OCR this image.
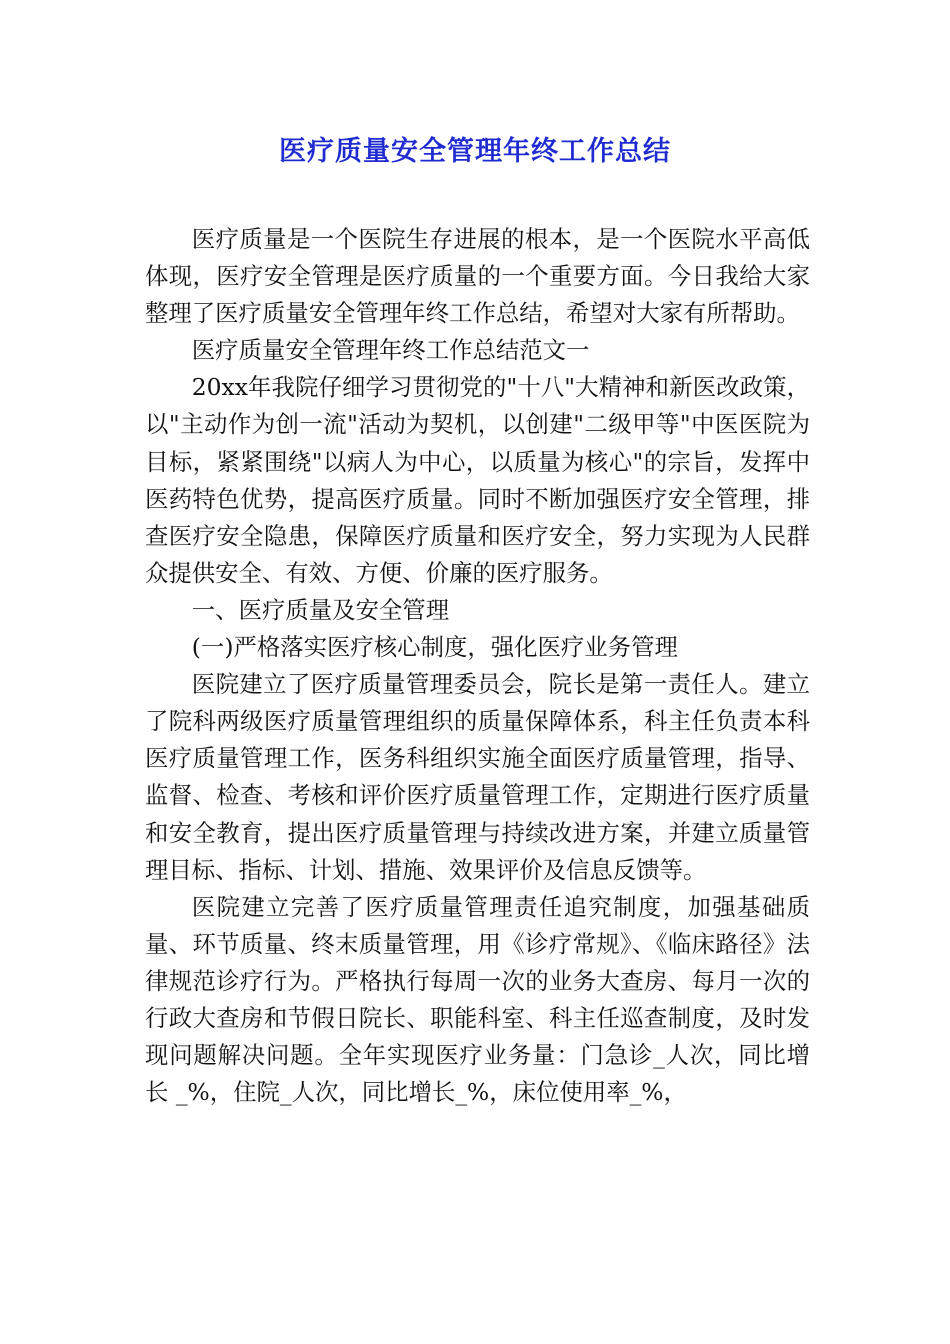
医疗质量安全管理年终工作总结

医疗质量是一个医院生存进展的根本，是一个医院水平高低体现，医疗安全管理是医疗质量的一个重要方面。今日我给大家整理了医疗质量安全管理年终工作总结，希望对大家有所帮助。

医疗质量安全管理年终工作总结范文一

20xx年我院仔细学习贯彻党的"十八"大精神和新医改政策，以"主动作为创一流"活动为契机，以创建"二级甲等"中医医院为目标，紧紧围绕"以病人为中心，以质量为核心"的宗旨，发挥中医药特色优势，提高医疗质量。同时不断加强医疗安全管理，排查医疗安全隐患，保障医疗质量和医疗安全，努力实现为人民群众提供安全、有效、方便、价廉的医疗服务。

一、医疗质量及安全管理

(一)严格落实医疗核心制度，强化医疗业务管理

医院建立了医疗质量管理委员会，院长是第一责任人。建立了院科两级医疗质量管理组织的质量保障体系，科主任负责本科医疗质量管理工作，医务科组织实施全面医疗质量管理，指导、监督、检查、考核和评价医疗质量管理工作，定期进行医疗质量和安全教育，提出医疗质量管理与持续改进方案，并建立质量管理目标、指标、计划、措施、效果评价及信息反馈等。

医院建立完善了医疗质量管理责任追究制度，加强基础质量、环节质量、终末质量管理，用《诊疗常规》、《临床路径》法律规范诊疗行为。严格执行每周一次的业务大查房、每月一次的行政大查房和节假日院长、职能科室、科主任巡查制度，及时发现问题解决问题。全年实现医疗业务量：门急诊_人次，同比增长 _%，住院_人次，同比增长_%，床位使用率_%，
